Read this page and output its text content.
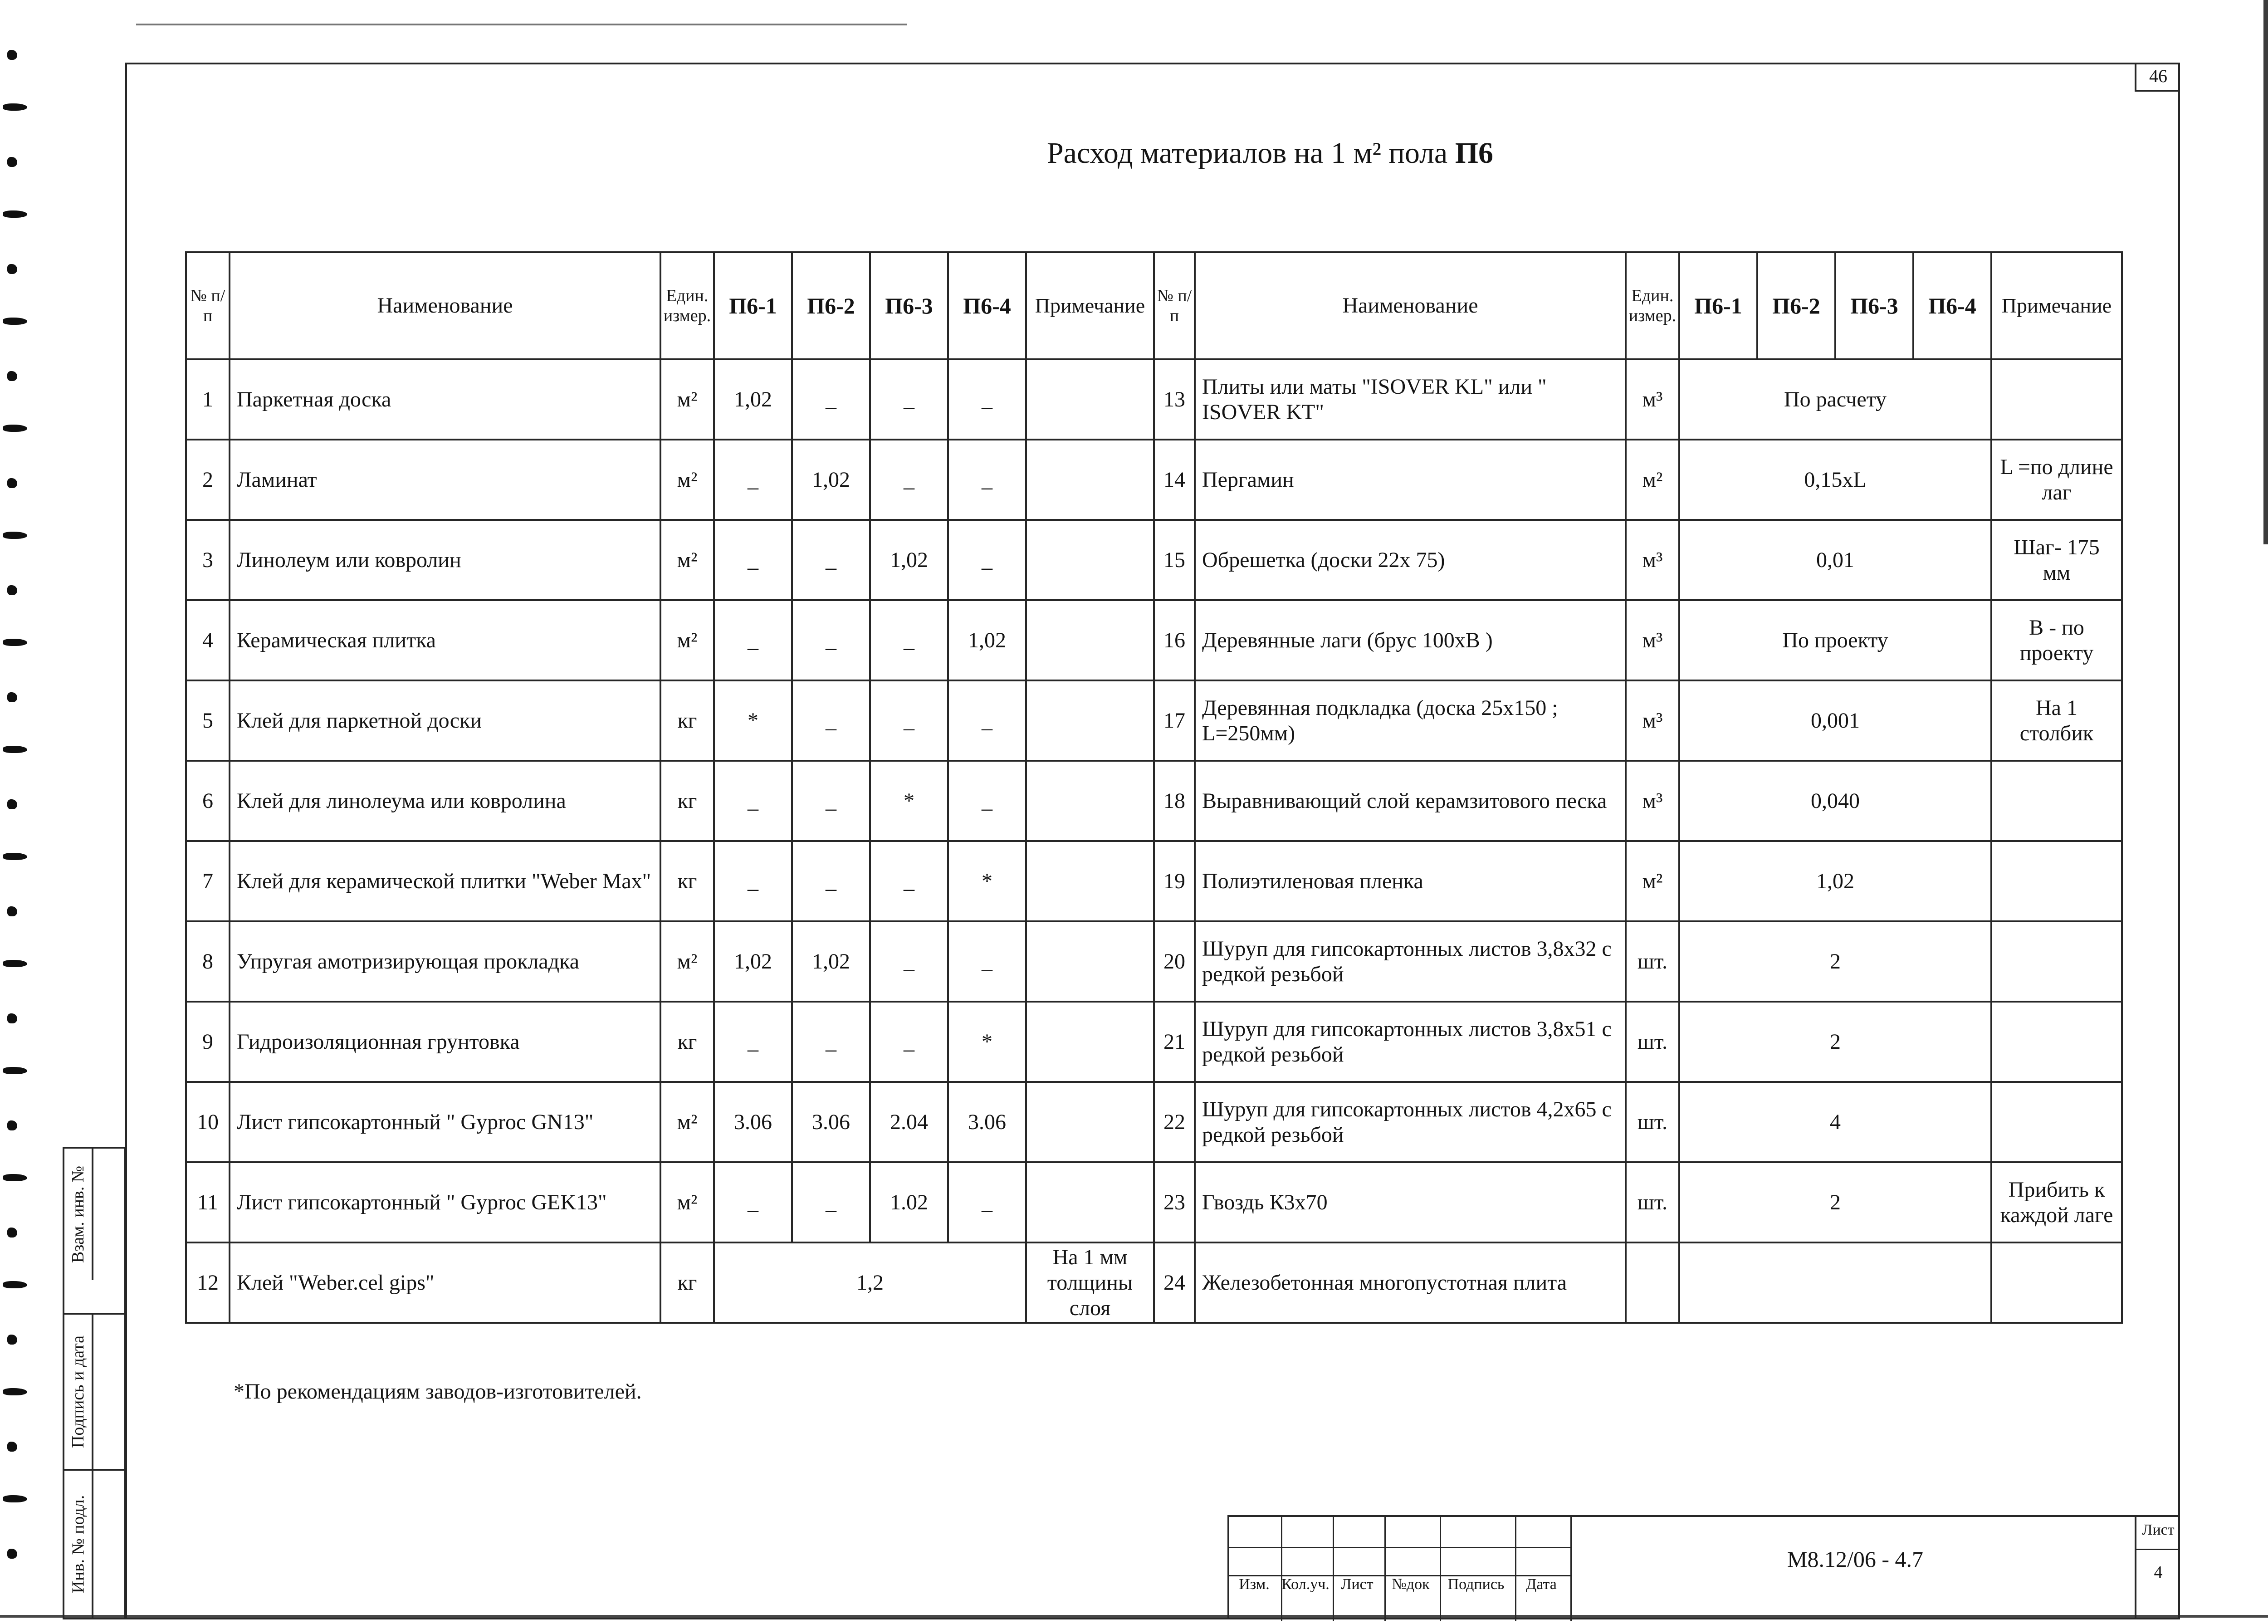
46
Расход материалов на 1 м² пола П6
№ п/п	Наименование	Един. измер.	П6-1	П6-2	П6-3	П6-4	Примечание	№ п/п	Наименование	Един. измер.	П6-1	П6-2	П6-3	П6-4	Примечание
1	Паркетная доска	м²	1,02	_	_	_		13	Плиты или маты "ISOVER KL" или " ISOVER KT"	м³	По расчету				
2	Ламинат	м²	_	1,02	_	_		14	Пергамин	м²	0,15xL				L =по длине лаг
3	Линолеум или ковролин	м²	_	_	1,02	_		15	Обрешетка (доски 22х 75)	м³	0,01				Шаг- 175 мм
4	Керамическая плитка	м²	_	_	_	1,02		16	Деревянные лаги (брус 100хВ )	м³	По проекту				В - по проекту
5	Клей для паркетной доски	кг	*	_	_	_		17	Деревянная подкладка (доска 25х150 ; L=250мм)	м³	0,001				На 1 столбик
6	Клей для линолеума или ковролина	кг	_	_	*	_		18	Выравнивающий слой керамзитового песка	м³	0,040				
7	Клей для керамической плитки "Weber Max"	кг	_	_	_	*		19	Полиэтиленовая пленка	м²	1,02				
8	Упругая амотризирующая прокладка	м²	1,02	1,02	_	_		20	Шуруп для гипсокартонных листов 3,8х32 с редкой резьбой	шт.	2				
9	Гидроизоляционная грунтовка	кг	_	_	_	*		21	Шуруп для гипсокартонных листов 3,8х51 с редкой резьбой	шт.	2				
10	Лист гипсокартонный " Gyproc GN13"	м²	3.06	3.06	2.04	3.06		22	Шуруп для гипсокартонных листов 4,2х65 с редкой резьбой	шт.	4				
11	Лист гипсокартонный " Gyproc GEK13"	м²	_	_	1.02	_		23	Гвоздь К3х70	шт.	2				Прибить к каждой лаге
12	Клей "Weber.cel gips"	кг	1,2				На 1 мм толщины слоя	24	Железобетонная многопустотная плита						
*По рекомендациям заводов-изготовителей.
Взам. инв. №
Подпись и дата
Инв. № подл.	Изм. Кол.уч. Лист	№док	Подпись	Дата
М8.12/06 - 4.7
Лист
4
